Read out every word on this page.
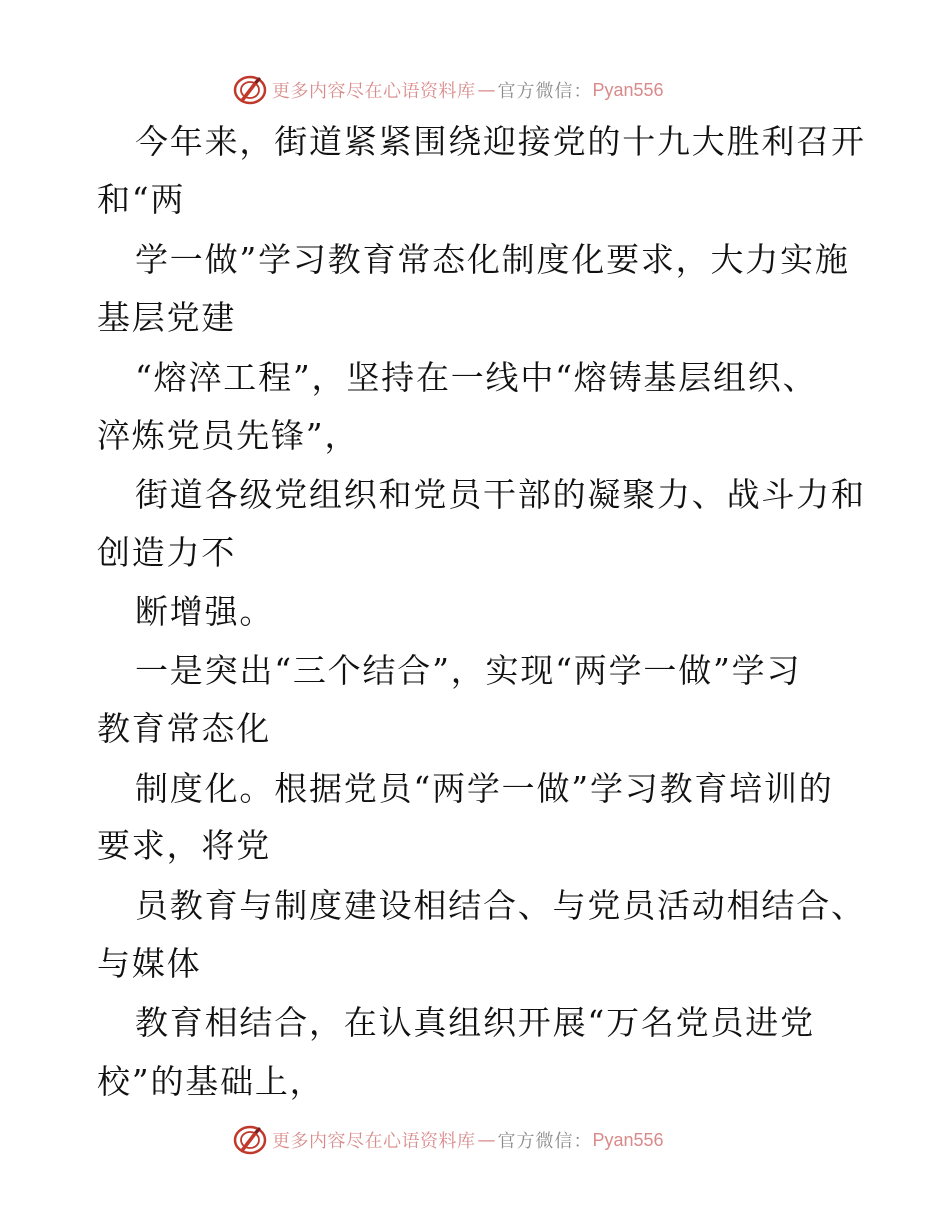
更多内容尽在心语资料库 — 官方微信： Pyan556
今年来，街道紧紧围绕迎接党的十九大胜利召开
和“两
学一做”学习教育常态化制度化要求，大力实施
基层党建
“熔淬工程”，坚持在一线中“熔铸基层组织、
淬炼党员先锋”，
街道各级党组织和党员干部的凝聚力、战斗力和
创造力不
断增强。
一是突出“三个结合”，实现“两学一做”学习
教育常态化
制度化。根据党员“两学一做”学习教育培训的
要求，将党
员教育与制度建设相结合、与党员活动相结合、
与媒体
教育相结合，在认真组织开展“万名党员进党
校”的基础上，
更多内容尽在心语资料库 — 官方微信： Pyan556
